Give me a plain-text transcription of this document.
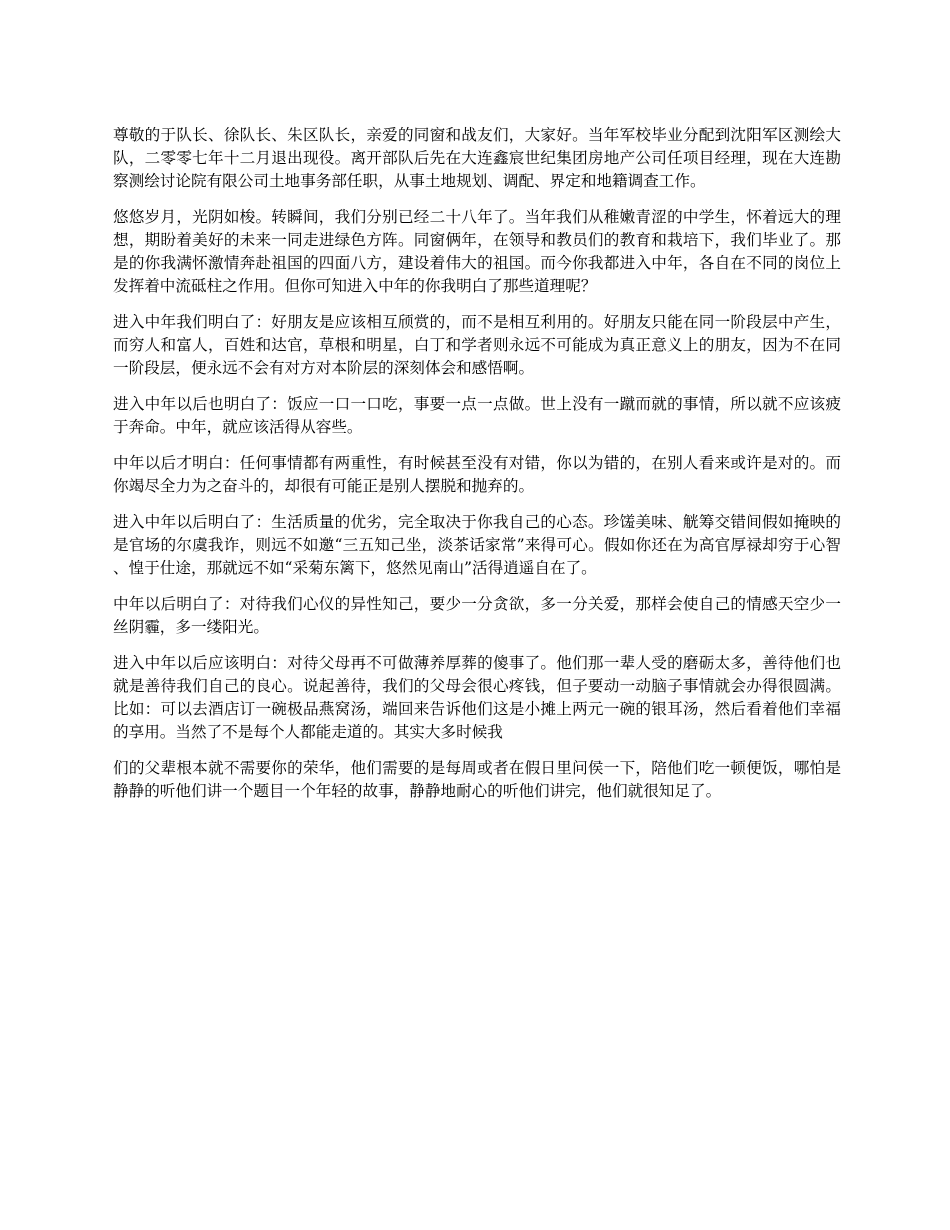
尊敬的于队长、徐队长、朱区队长，亲爱的同窗和战友们，大家好。当年军校毕业分配到沈阳军区测绘大队，二零零七年十二月退出现役。离开部队后先在大连鑫宸世纪集团房地产公司任项目经理，现在大连勘察测绘讨论院有限公司土地事务部任职，从事土地规划、调配、界定和地籍调查工作。

悠悠岁月，光阴如梭。转瞬间，我们分别已经二十八年了。当年我们从稚嫩青涩的中学生，怀着远大的理想，期盼着美好的未来一同走进绿色方阵。同窗俩年，在领导和教员们的教育和栽培下，我们毕业了。那是的你我满怀激情奔赴祖国的四面八方，建设着伟大的祖国。而今你我都进入中年，各自在不同的岗位上发挥着中流砥柱之作用。但你可知进入中年的你我明白了那些道理呢？

进入中年我们明白了：好朋友是应该相互颀赏的，而不是相互利用的。好朋友只能在同一阶段层中产生，而穷人和富人，百姓和达官，草根和明星，白丁和学者则永远不可能成为真正意义上的朋友，因为不在同一阶段层，便永远不会有对方对本阶层的深刻体会和感悟啊。

进入中年以后也明白了：饭应一口一口吃，事要一点一点做。世上没有一蹴而就的事情，所以就不应该疲于奔命。中年，就应该活得从容些。

中年以后才明白：任何事情都有两重性，有时候甚至没有对错，你以为错的，在别人看来或许是对的。而你竭尽全力为之奋斗的，却很有可能正是别人摆脱和抛弃的。

进入中年以后明白了：生活质量的优劣，完全取决于你我自己的心态。珍馐美味、觥筹交错间假如掩映的是官场的尔虞我诈，则远不如邀“三五知己坐，淡茶话家常”来得可心。假如你还在为高官厚禄却穷于心智、惶于仕途，那就远不如“采菊东篱下，悠然见南山”活得逍遥自在了。

中年以后明白了：对待我们心仪的异性知己，要少一分贪欲，多一分关爱，那样会使自己的情感天空少一丝阴霾，多一缕阳光。

进入中年以后应该明白：对待父母再不可做薄养厚葬的傻事了。他们那一辈人受的磨砺太多，善待他们也就是善待我们自己的良心。说起善待，我们的父母会很心疼钱，但子要动一动脑子事情就会办得很圆满。比如：可以去酒店订一碗极品燕窝汤，端回来告诉他们这是小摊上两元一碗的银耳汤，然后看着他们幸福的享用。当然了不是每个人都能走道的。其实大多时候我

们的父辈根本就不需要你的荣华，他们需要的是每周或者在假日里问侯一下，陪他们吃一顿便饭，哪怕是静静的听他们讲一个题目一个年轻的故事，静静地耐心的听他们讲完，他们就很知足了。
